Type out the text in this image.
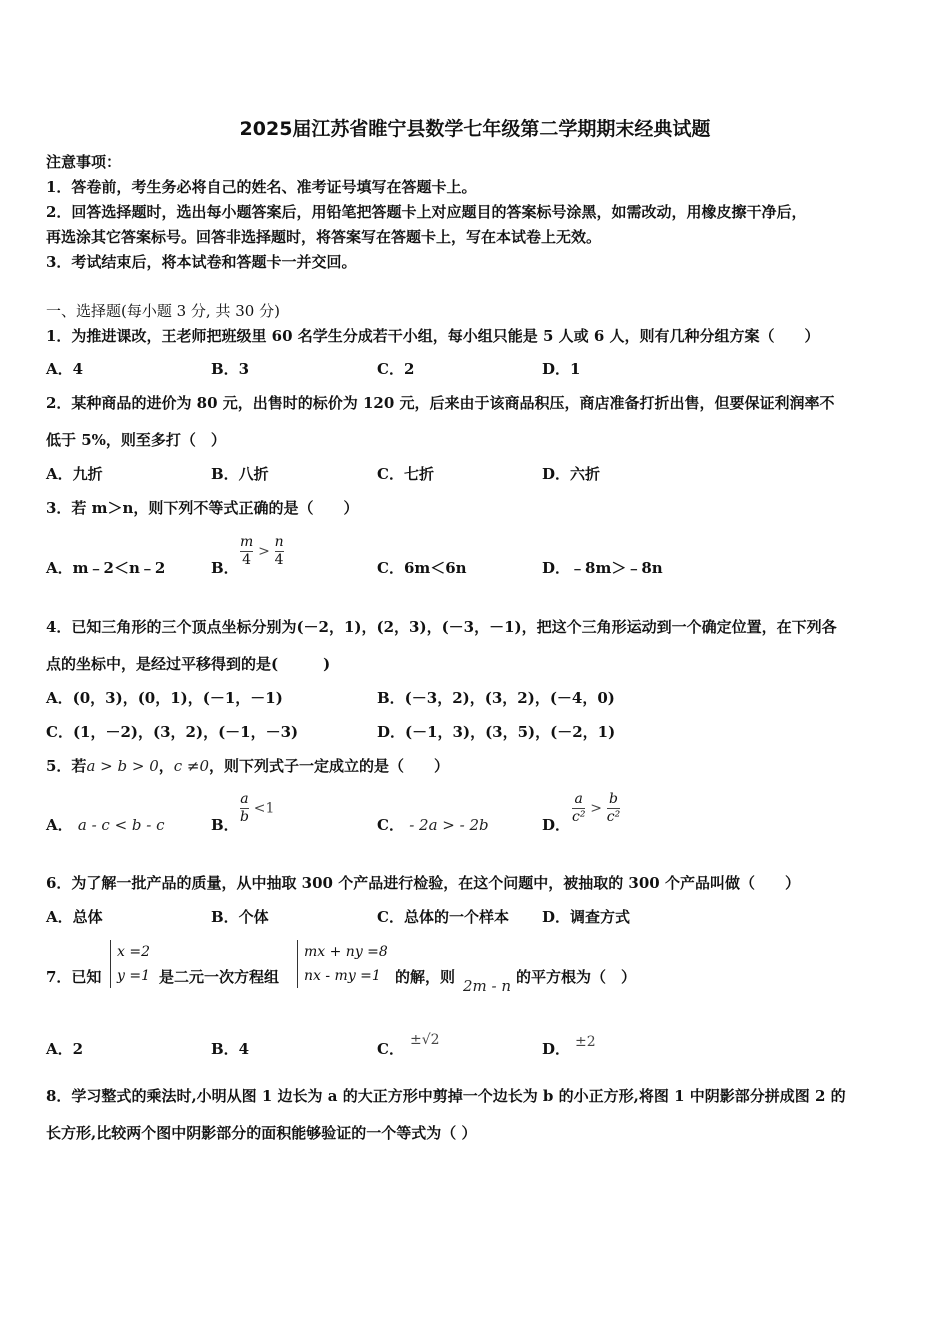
2025届江苏省睢宁县数学七年级第二学期期末经典试题
注意事项：
1．答卷前，考生务必将自己的姓名、准考证号填写在答题卡上。
2．回答选择题时，选出每小题答案后，用铅笔把答题卡上对应题目的答案标号涂黑，如需改动，用橡皮擦干净后，
再选涂其它答案标号。回答非选择题时，将答案写在答题卡上，写在本试卷上无效。
3．考试结束后，将本试卷和答题卡一并交回。
一、选择题(每小题 3 分, 共 30 分)
1．为推进课改，王老师把班级里 60 名学生分成若干小组，每小组只能是 5 人或 6 人，则有几种分组方案（　　）
A．4	B．3	C．2	D．1
2．某种商品的进价为 80 元，出售时的标价为 120 元，后来由于该商品积压，商店准备打折出售，但要保证利润率不
低于 5%，则至多打（　）
A．九折	B．八折	C．七折	D．六折
3．若 m＞n，则下列不等式正确的是（　　）
A．m﹣2＜n﹣2	B． $\frac{m}{4} > \frac{n}{4}$	C．6m＜6n	D．﹣8m＞﹣8n
4．已知三角形的三个顶点坐标分别为(－2，1)，(2，3)，(－3，－1)，把这个三角形运动到一个确定位置，在下列各
点的坐标中，是经过平移得到的是(　　　)
A．(0，3)，(0，1)，(－1，－1)	B．(－3，2)，(3，2)，(－4，0)
C．(1，－2)，(3，2)，(－1，－3)	D．(－1，3)，(3，5)，(－2，1)
5．若a > b > 0，c ≠0，则下列式子一定成立的是（　　）
A． a - c < b - c	B． $\frac{a}{b} <1$
C． - 2a > - 2b	D． $\frac{a}{\text{c²}} > \frac{b}{\text{c²}}$
6．为了解一批产品的质量，从中抽取 300 个产品进行检验，在这个问题中，被抽取的 300 个产品叫做（　　）
A．总体	B．个体	C．总体的一个样本 D．调查方式
7．已知
x =2
y =1 是二元一次方程组
mx + ny =8
nx - my =1 的解，则 2m - n 的平方根为（　）
A．2	B．4	C． ±√2	D． ±2
8．学习整式的乘法时,小明从图 1 边长为 a 的大正方形中剪掉一个边长为 b 的小正方形,将图 1 中阴影部分拼成图 2 的
长方形,比较两个图中阴影部分的面积能够验证的一个等式为（ ）
